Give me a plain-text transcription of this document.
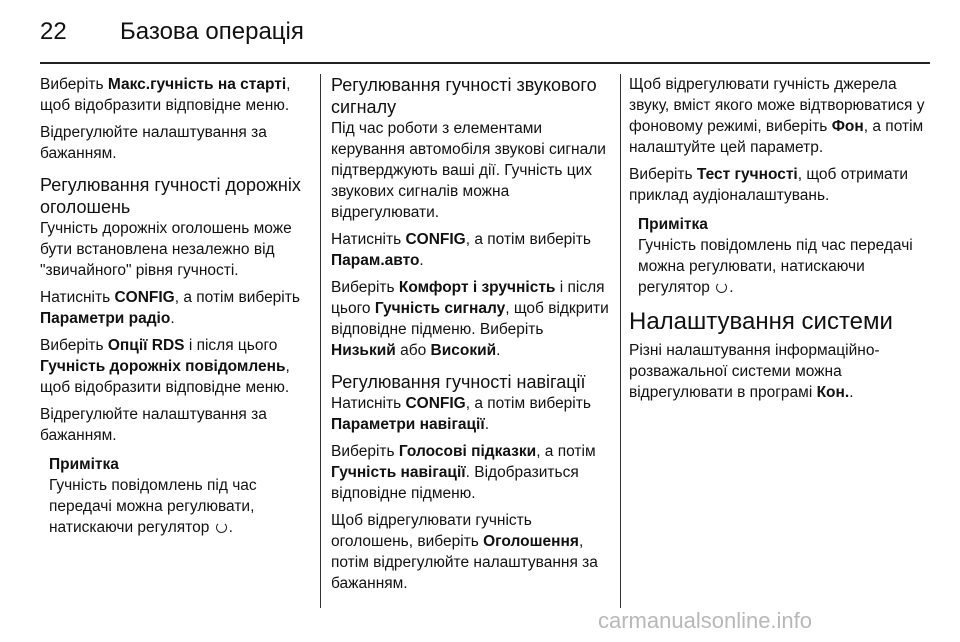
22 Базова операція

Виберіть Макс.гучність на старті, щоб відобразити відповідне меню.

Відрегулюйте налаштування за бажанням.

Регулювання гучності дорожніх оголошень

Гучність дорожніх оголошень може бути встановлена незалежно від "звичайного" рівня гучності.

Натисніть CONFIG, а потім виберіть Параметри радіо.

Виберіть Опції RDS і після цього Гучність дорожніх повідомлень, щоб відобразити відповідне меню.

Відрегулюйте налаштування за бажанням.

Примітка
Гучність повідомлень під час передачі можна регулювати, натискаючи регулятор .
Регулювання гучності звукового сигналу

Під час роботи з елементами керування автомобіля звукові сигнали підтверджують ваші дії. Гучність цих звукових сигналів можна відрегулювати.

Натисніть CONFIG, а потім виберіть Парам.авто.

Виберіть Комфорт і зручність і після цього Гучність сигналу, щоб відкрити відповідне підменю. Виберіть Низький або Високий.

Регулювання гучності навігації

Натисніть CONFIG, а потім виберіть Параметри навігації.

Виберіть Голосові підказки, а потім Гучність навігації. Відобразиться відповідне підменю.

Щоб відрегулювати гучність оголошень, виберіть Оголошення, потім відрегулюйте налаштування за бажанням.

Щоб відрегулювати гучність джерела звуку, вміст якого може відтворюватися у фоновому режимі, виберіть Фон, а потім налаштуйте цей параметр.

Виберіть Тест гучності, щоб отримати приклад аудіоналаштувань.

Примітка
Гучність повідомлень під час передачі можна регулювати, натискаючи регулятор .
Налаштування системи

Різні налаштування інформаційно-розважальної системи можна відрегулювати в програмі Кон..

carmanualsonline.info
